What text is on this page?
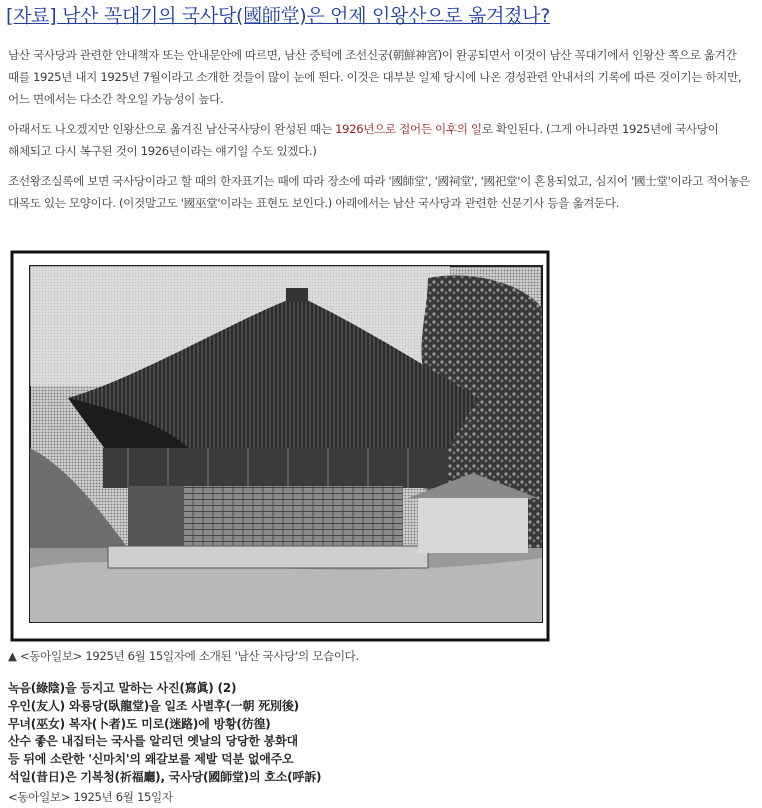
[자료] 남산 꼭대기의 국사당(國師堂)은 언제 인왕산으로 옮겨졌나?
남산 국사당과 관련한 안내책자 또는 안내문안에 따르면, 남산 중턱에 조선신궁(朝鮮神宮)이 완공되면서 이것이 남산 꼭대기에서 인왕산 쪽으로 옮겨간 때를 1925년 내지 1925년 7월이라고 소개한 것들이 많이 눈에 띈다. 이것은 대부분 일제 당시에 나온 경성관련 안내서의 기록에 따른 것이기는 하지만, 어느 면에서는 다소간 착오일 가능성이 높다.
아래서도 나오겠지만 인왕산으로 옮겨진 남산국사당이 완성된 때는 1926년으로 접어든 이후의 일로 확인된다. (그게 아니라면 1925년에 국사당이 해체되고 다시 복구된 것이 1926년이라는 얘기일 수도 있겠다.)
조선왕조실록에 보면 국사당이라고 할 때의 한자표기는 때에 따라 장소에 따라 '國師堂', '國祠堂', '國祀堂'이 혼용되었고, 심지어 '國士堂'이라고 적어놓은 대목도 있는 모양이다. (이것말고도 '國巫堂'이라는 표현도 보인다.) 아래에서는 남산 국사당과 관련한 신문기사 등을 옮겨둔다.
▲ <동아일보> 1925년 6월 15일자에 소개된 '남산 국사당'의 모습이다.
녹음(綠陰)을 등지고 말하는 사진(寫眞) (2)
우인(友人) 와룡당(臥龍堂)을 일조 사별후(一朝 死別後)
무녀(巫女) 복자(卜者)도 미로(迷路)에 방황(彷徨)
산수 좋은 내집터는 국사를 알리던 옛날의 당당한 봉화대
등 뒤에 소란한 '신마치'의 왜갈보를 제발 덕분 없애주오
석일(昔日)은 기복청(祈福廳), 국사당(國師堂)의 호소(呼訴)
<동아일보> 1925년 6월 15일자
